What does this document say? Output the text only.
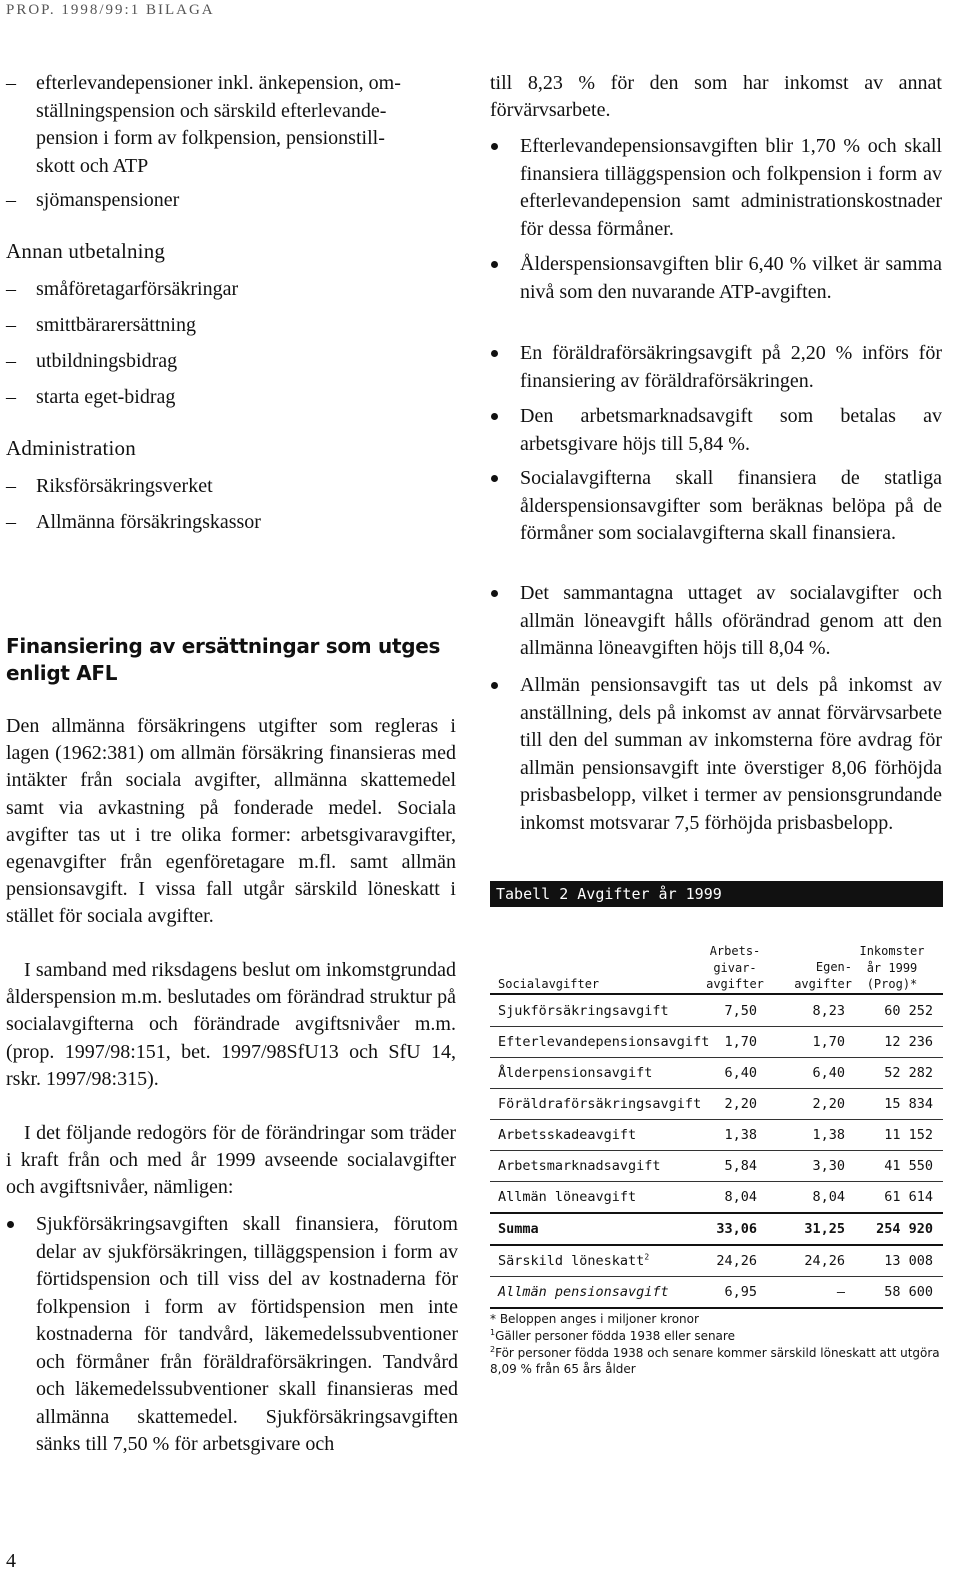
PROP. 1998/99:1 BILAGA
– efterlevandepensioner inkl. änkepension, om-
ställningspension och särskild efterlevande-
pension i form av folkpension, pensionstill-
skott och ATP
– sjömanspensioner
Annan utbetalning
– småföretagarförsäkringar
– smittbärarersättning
– utbildningsbidrag
– starta eget-bidrag
Administration
– Riksförsäkringsverket
– Allmänna försäkringskassor
Finansiering av ersättningar som utges enligt AFL

Den allmänna försäkringens utgifter som regleras i lagen (1962:381) om allmän försäkring finansieras med intäkter från sociala avgifter, allmänna skattemedel samt via avkastning på fonderade medel. Sociala avgifter tas ut i tre olika former: arbetsgivaravgifter, egenavgifter från egenföretagare m.fl. samt allmän pensionsavgift. I vissa fall utgår särskild löneskatt i stället för sociala avgifter.

I samband med riksdagens beslut om inkomstgrundad ålderspension m.m. beslutades om förändrad struktur på socialavgifterna och förändrade avgiftsnivåer m.m. (prop. 1997/98:151, bet. 1997/98SfU13 och SfU 14, rskr. 1997/98:315).

I det följande redogörs för de förändringar som träder i kraft från och med år 1999 avseende socialavgifter och avgiftsnivåer, nämligen:

Sjukförsäkringsavgiften skall finansiera, förutom delar av sjukförsäkringen, tilläggspension i form av förtidspension och till viss del av kostnaderna för folkpension i form av förtidspension men inte kostnaderna för tandvård, läkemedelssubventioner och förmåner från föräldraförsäkringen. Tandvård och läkemedelssubventioner skall finansieras med allmänna skattemedel. Sjukförsäkringsavgiften sänks till 7,50 % för arbetsgivare och

till 8,23 % för den som har inkomst av annat förvärvsarbete.

Efterlevandepensionsavgiften blir 1,70 % och skall finansiera tilläggspension och folkpension i form av efterlevandepension samt administrationskostnader för dessa förmåner.
Ålderspensionsavgiften blir 6,40 % vilket är samma nivå som den nuvarande ATP-avgiften.
En föräldraförsäkringsavgift på 2,20 % införs för finansiering av föräldraförsäkringen.
Den arbetsmarknadsavgift som betalas av arbetsgivare höjs till 5,84 %.
Socialavgifterna skall finansiera de statliga ålderspensionsavgifter som beräknas belöpa på de förmåner som socialavgifterna skall finansiera.
Det sammantagna uttaget av socialavgifter och allmän löneavgift hålls oförändrad genom att den allmänna löneavgiften höjs till 8,04 %.
Allmän pensionsavgift tas ut dels på inkomst av anställning, dels på inkomst av annat förvärvsarbete till den del summan av inkomsterna före avdrag för allmän pensionsavgift inte överstiger 8,06 förhöjda prisbasbelopp, vilket i termer av pensionsgrundande inkomst motsvarar 7,5 förhöjda prisbasbelopp.
Tabell 2 Avgifter år 1999
Socialavgifter
Arbets-
givar-
avgifter
Egen-
avgifter
Inkomster
år 1999
(Prog)*
Sjukförsäkringsavgift	7,50	8,23	60 252
Efterlevandepensionsavgift 1,70	1,70	12 236
Ålderpensionsavgift	6,40	6,40	52 282
Föräldraförsäkringsavgift 2,20	2,20	15 834
Arbetsskadeavgift	1,38	1,38	11 152
Arbetsmarknadsavgift	5,84	3,30	41 550
Allmän löneavgift	8,04	8,04	61 614
Summa	33,06	31,25 254 920
Särskild löneskatt$^2$	24,26	24,26	13 008
Allmän pensionsavgift	6,95	–	58 600
* Beloppen anges i miljoner kronor
$^1$Gäller personer födda 1938 eller senare
$^2$För personer födda 1938 och senare kommer särskild löneskatt att utgöra 8,09 % från 65 års ålder
4
